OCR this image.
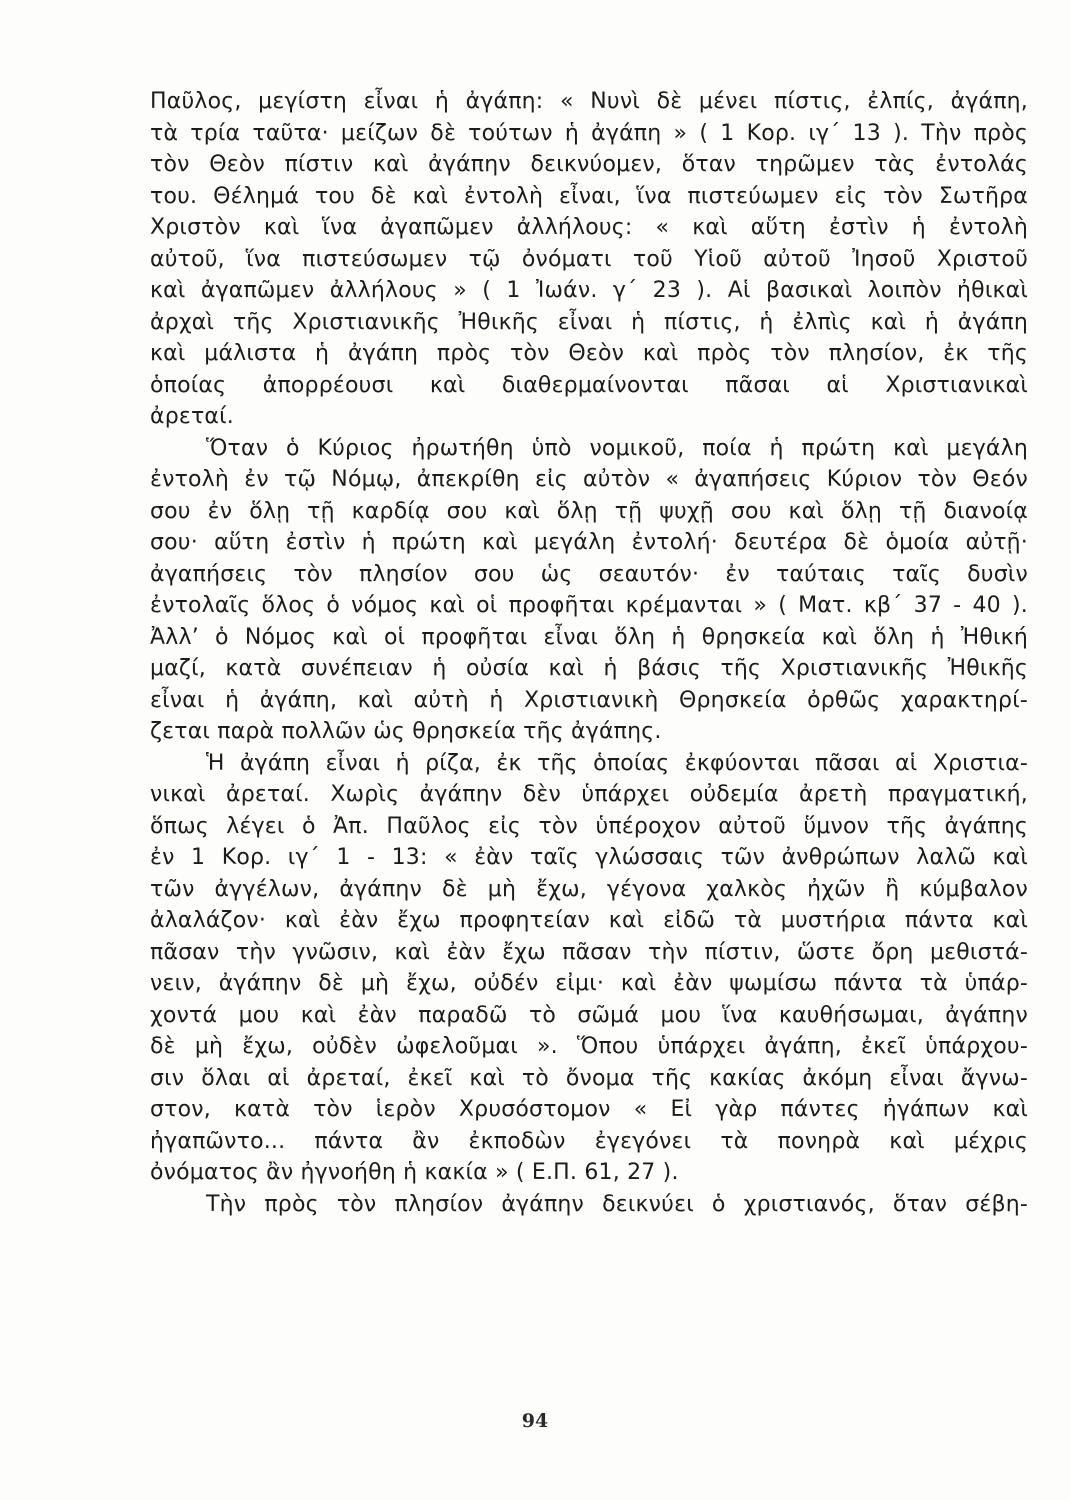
Παῦλος, μεγίστη εἶναι ἡ ἀγάπη: « Νυνὶ δὲ μένει πίστις, ἐλπίς, ἀγάπη,
τὰ τρία ταῦτα· μείζων δὲ τούτων ἡ ἀγάπη » ( 1 Κορ. ιγ΄ 13 ). Τὴν πρὸς
τὸν Θεὸν πίστιν καὶ ἀγάπην δεικνύομεν, ὅταν τηρῶμεν τὰς ἐντολάς
του. Θέλημά του δὲ καὶ ἐντολὴ εἶναι, ἵνα πιστεύωμεν εἰς τὸν Σωτῆρα
Χριστὸν καὶ ἵνα ἀγαπῶμεν ἀλλήλους: « καὶ αὕτη ἐστὶν ἡ ἐντολὴ
αὐτοῦ, ἵνα πιστεύσωμεν τῷ ὀνόματι τοῦ Υἱοῦ αὐτοῦ Ἰησοῦ Χριστοῦ
καὶ ἀγαπῶμεν ἀλλήλους » ( 1 Ἰωάν. γ΄ 23 ). Αἱ βασικαὶ λοιπὸν ἠθικαὶ
ἀρχαὶ τῆς Χριστιανικῆς Ἠθικῆς εἶναι ἡ πίστις, ἡ ἐλπὶς καὶ ἡ ἀγάπη
καὶ μάλιστα ἡ ἀγάπη πρὸς τὸν Θεὸν καὶ πρὸς τὸν πλησίον, ἐκ τῆς
ὁποίας ἀπορρέουσι καὶ διαθερμαίνονται πᾶσαι αἱ Χριστιανικαὶ
ἀρεταί.
Ὅταν ὁ Κύριος ἠρωτήθη ὑπὸ νομικοῦ, ποία ἡ πρώτη καὶ μεγάλη
ἐντολὴ ἐν τῷ Νόμῳ, ἀπεκρίθη εἰς αὐτὸν « ἀγαπήσεις Κύριον τὸν Θεόν
σου ἐν ὅλῃ τῇ καρδίᾳ σου καὶ ὅλῃ τῇ ψυχῇ σου καὶ ὅλῃ τῇ διανοίᾳ
σου· αὕτη ἐστὶν ἡ πρώτη καὶ μεγάλη ἐντολή· δευτέρα δὲ ὁμοία αὐτῇ·
ἀγαπήσεις τὸν πλησίον σου ὡς σεαυτόν· ἐν ταύταις ταῖς δυσὶν
ἐντολαῖς ὅλος ὁ νόμος καὶ οἱ προφῆται κρέμανται » ( Ματ. κβ΄ 37 - 40 ).
Ἀλλ’ ὁ Νόμος καὶ οἱ προφῆται εἶναι ὅλη ἡ θρησκεία καὶ ὅλη ἡ Ἠθική
μαζί, κατὰ συνέπειαν ἡ οὐσία καὶ ἡ βάσις τῆς Χριστιανικῆς Ἠθικῆς
εἶναι ἡ ἀγάπη, καὶ αὐτὴ ἡ Χριστιανικὴ Θρησκεία ὀρθῶς χαρακτηρί-
ζεται παρὰ πολλῶν ὡς θρησκεία τῆς ἀγάπης.
Ἡ ἀγάπη εἶναι ἡ ρίζα, ἐκ τῆς ὁποίας ἐκφύονται πᾶσαι αἱ Χριστια-
νικαὶ ἀρεταί. Χωρὶς ἀγάπην δὲν ὑπάρχει οὐδεμία ἀρετὴ πραγματική,
ὅπως λέγει ὁ Ἀπ. Παῦλος εἰς τὸν ὑπέροχον αὐτοῦ ὕμνον τῆς ἀγάπης
ἐν 1 Κορ. ιγ΄ 1 - 13: « ἐὰν ταῖς γλώσσαις τῶν ἀνθρώπων λαλῶ καὶ
τῶν ἀγγέλων, ἀγάπην δὲ μὴ ἔχω, γέγονα χαλκὸς ἠχῶν ἢ κύμβαλον
ἀλαλάζον· καὶ ἐὰν ἔχω προφητείαν καὶ εἰδῶ τὰ μυστήρια πάντα καὶ
πᾶσαν τὴν γνῶσιν, καὶ ἐὰν ἔχω πᾶσαν τὴν πίστιν, ὥστε ὄρη μεθιστά-
νειν, ἀγάπην δὲ μὴ ἔχω, οὐδέν εἰμι· καὶ ἐὰν ψωμίσω πάντα τὰ ὑπάρ-
χοντά μου καὶ ἐὰν παραδῶ τὸ σῶμά μου ἵνα καυθήσωμαι, ἀγάπην
δὲ μὴ ἔχω, οὐδὲν ὠφελοῦμαι ». Ὅπου ὑπάρχει ἀγάπη, ἐκεῖ ὑπάρχου-
σιν ὅλαι αἱ ἀρεταί, ἐκεῖ καὶ τὸ ὄνομα τῆς κακίας ἀκόμη εἶναι ἄγνω-
στον, κατὰ τὸν ἱερὸν Χρυσόστομον « Εἰ γὰρ πάντες ἠγάπων καὶ
ἠγαπῶντο... πάντα ἂν ἐκποδὼν ἐγεγόνει τὰ πονηρὰ καὶ μέχρις
ὀνόματος ἂν ἠγνοήθη ἡ κακία » ( Ε.Π. 61, 27 ).
Τὴν πρὸς τὸν πλησίον ἀγάπην δεικνύει ὁ χριστιανός, ὅταν σέβη-
94
